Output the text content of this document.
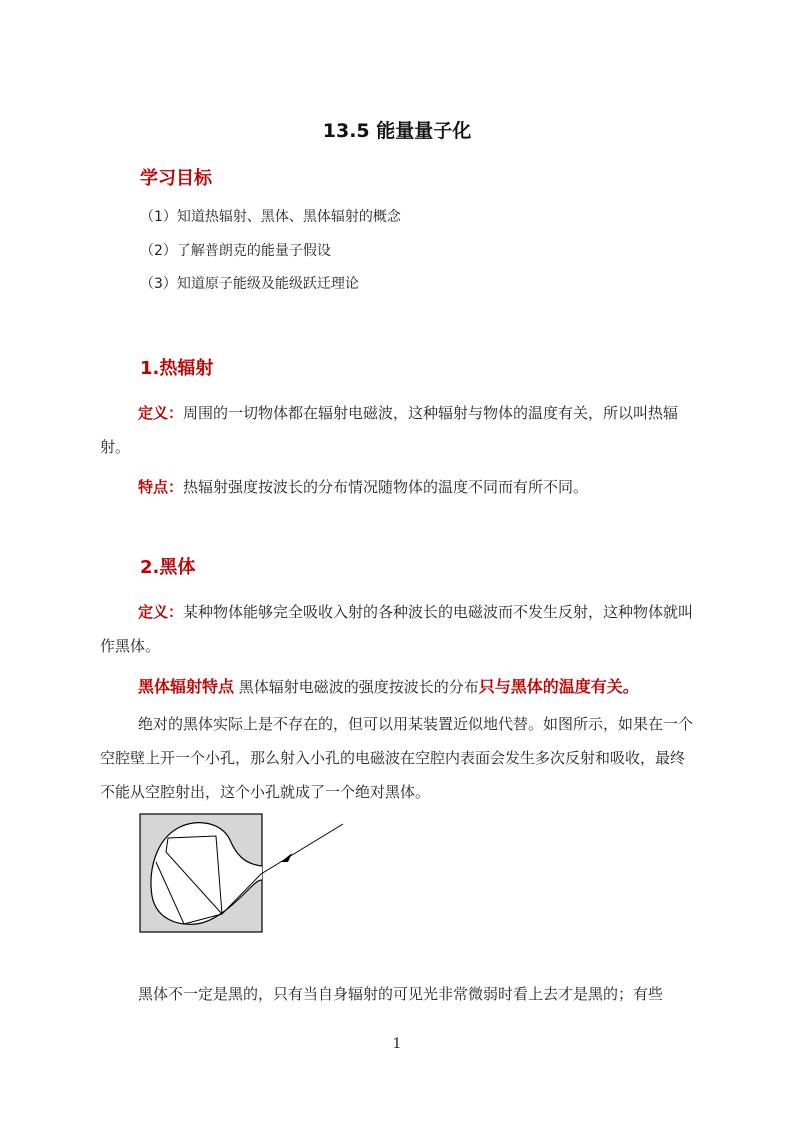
13.5 能量量子化
学习目标
（1）知道热辐射、黑体、黑体辐射的概念
（2）了解普朗克的能量子假设
（3）知道原子能级及能级跃迁理论
1.热辐射
定义：周围的一切物体都在辐射电磁波，这种辐射与物体的温度有关，所以叫热辐射。
特点：热辐射强度按波长的分布情况随物体的温度不同而有所不同。
2.黑体
定义：某种物体能够完全吸收入射的各种波长的电磁波而不发生反射，这种物体就叫作黑体。
黑体辐射特点 黑体辐射电磁波的强度按波长的分布只与黑体的温度有关。
绝对的黑体实际上是不存在的，但可以用某装置近似地代替。如图所示，如果在一个空腔壁上开一个小孔，那么射入小孔的电磁波在空腔内表面会发生多次反射和吸收，最终不能从空腔射出，这个小孔就成了一个绝对黑体。
黑体不一定是黑的，只有当自身辐射的可见光非常微弱时看上去才是黑的；有些
1
